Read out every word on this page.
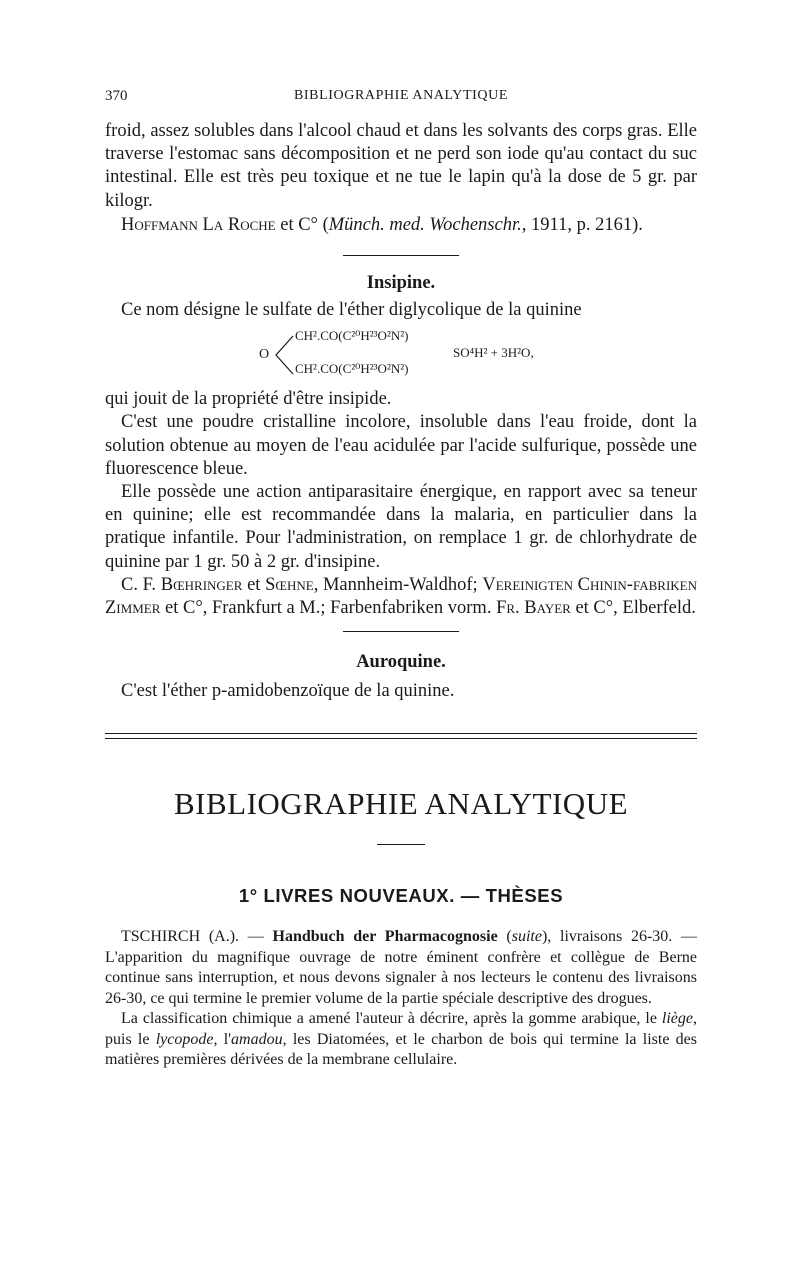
370	BIBLIOGRAPHIE ANALYTIQUE

froid, assez solubles dans l'alcool chaud et dans les solvants des corps gras. Elle traverse l'estomac sans décomposition et ne perd son iode qu'au contact du suc intestinal. Elle est très peu toxique et ne tue le lapin qu'à la dose de 5 gr. par kilogr.

Hoffmann La Roche et C° (Münch. med. Wochenschr., 1911, p. 2161).

Insipine.

Ce nom désigne le sulfate de l'éther diglycolique de la quinine

O
CH².CO(C²⁰H²³O²N²)
CH².CO(C²⁰H²³O²N²)
SO⁴H² + 3H²O,

qui jouit de la propriété d'être insipide.

C'est une poudre cristalline incolore, insoluble dans l'eau froide, dont la solution obtenue au moyen de l'eau acidulée par l'acide sulfurique, possède une fluorescence bleue.

Elle possède une action antiparasitaire énergique, en rapport avec sa teneur en quinine; elle est recommandée dans la malaria, en particulier dans la pratique infantile. Pour l'administration, on remplace 1 gr. de chlorhydrate de quinine par 1 gr. 50 à 2 gr. d'insipine.

C. F. Bœhringer et Sœhne, Mannheim-Waldhof; Vereinigten Chinin-fabriken Zimmer et C°, Frankfurt a M.; Farbenfabriken vorm. Fr. Bayer et C°, Elberfeld.

Auroquine.

C'est l'éther p-amidobenzoïque de la quinine.

BIBLIOGRAPHIE ANALYTIQUE
1° LIVRES NOUVEAUX. — THÈSES

TSCHIRCH (A.). — Handbuch der Pharmacognosie (suite), livraisons 26-30. — L'apparition du magnifique ouvrage de notre éminent confrère et collègue de Berne continue sans interruption, et nous devons signaler à nos lecteurs le contenu des livraisons 26-30, ce qui termine le premier volume de la partie spéciale descriptive des drogues.

La classification chimique a amené l'auteur à décrire, après la gomme arabique, le liège, puis le lycopode, l'amadou, les Diatomées, et le charbon de bois qui termine la liste des matières premières dérivées de la membrane cellulaire.
